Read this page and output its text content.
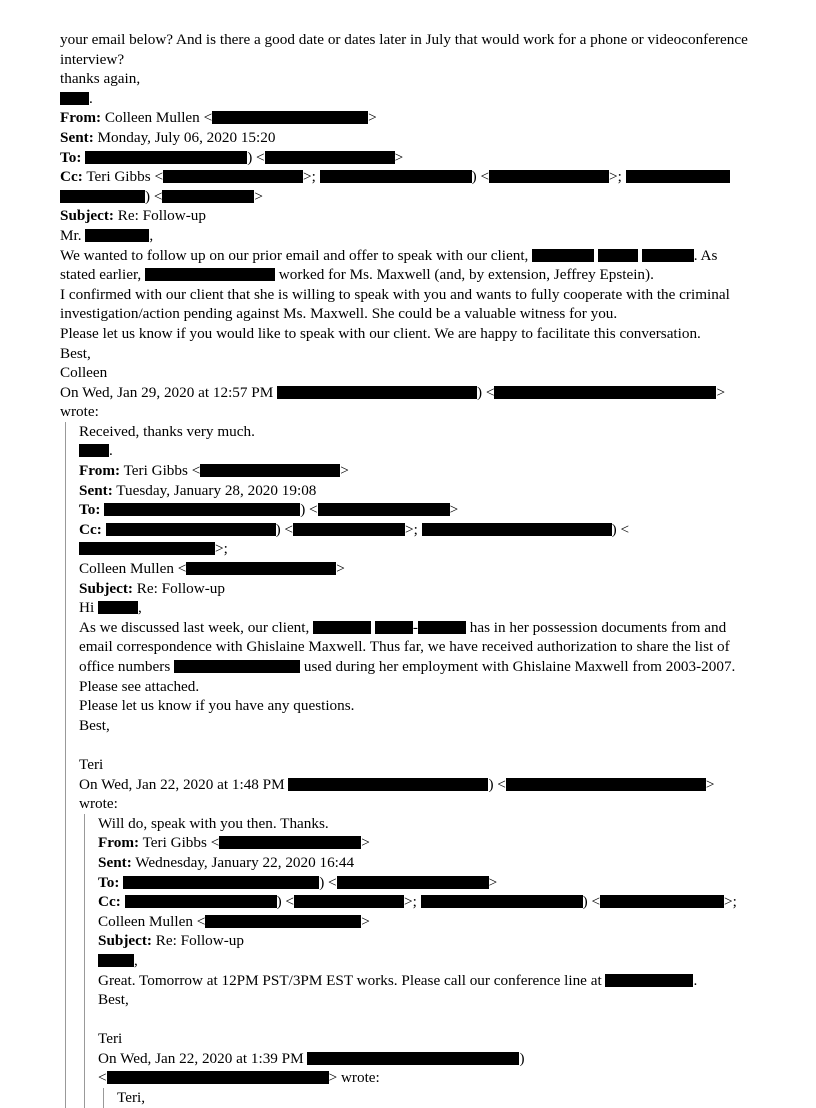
your email below? And is there a good date or dates later in July that would work for a phone or videoconference
interview?
thanks again,
.
From: Colleen Mullen <	>
Sent: Monday, July 06, 2020 15:20
To:	) <	>
Cc: Teri Gibbs <	>;	) <	>;
) <	>
Subject: Re: Follow-up
Mr.	,
We wanted to follow up on our prior email and offer to speak with our client,	. As
stated earlier,	worked for Ms. Maxwell (and, by extension, Jeffrey Epstein).
I confirmed with our client that she is willing to speak with you and wants to fully cooperate with the criminal
investigation/action pending against Ms. Maxwell. She could be a valuable witness for you.
Please let us know if you would like to speak with our client. We are happy to facilitate this conversation.
Best,
Colleen
On Wed, Jan 29, 2020 at 12:57 PM	) <	>
wrote:
Received, thanks very much.
.
From: Teri Gibbs <	>
Sent: Tuesday, January 28, 2020 19:08
To:	) <	>
Cc:	) <	>;	) <>;
Colleen Mullen <	>
Subject: Re: Follow-up
Hi	,
As we discussed last week, our client,	-	has in her possession documents from and
email correspondence with Ghislaine Maxwell. Thus far, we have received authorization to share the list of
office numbers	used during her employment with Ghislaine Maxwell from 2003-2007.
Please see attached.
Please let us know if you have any questions.
Best,
Teri
On Wed, Jan 22, 2020 at 1:48 PM	) <	>
wrote:
Will do, speak with you then. Thanks.
From: Teri Gibbs <	>
Sent: Wednesday, January 22, 2020 16:44
To:	) <	>
Cc:	) <	>;	) <	>;
Colleen Mullen <	>
Subject: Re: Follow-up
,
Great. Tomorrow at 12PM PST/3PM EST works. Please call our conference line at	.
Best,
Teri
On Wed, Jan 22, 2020 at 1:39 PM	)
<	> wrote:
Teri,
